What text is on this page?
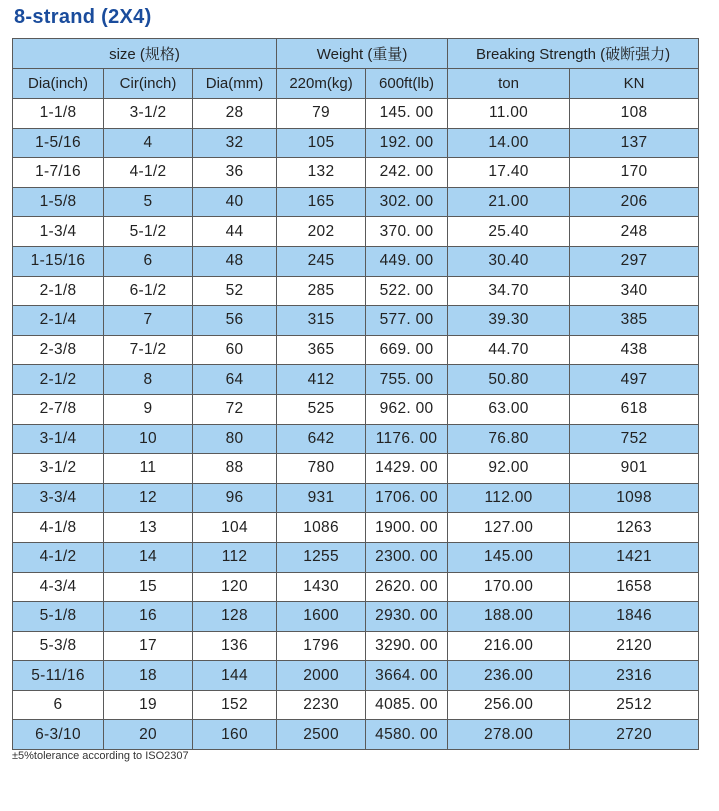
8-strand (2X4)
size (规格)			Weight (重量)		Breaking Strength (破断强力)	
Dia(inch)	Cir(inch)	Dia(mm)	220m(kg)	600ft(lb)	ton	KN
1-1/8	3-1/2	28	79	145. 00	11.00	108
1-5/16	4	32	105	192. 00	14.00	137
1-7/16	4-1/2	36	132	242. 00	17.40	170
1-5/8	5	40	165	302. 00	21.00	206
1-3/4	5-1/2	44	202	370. 00	25.40	248
1-15/16	6	48	245	449. 00	30.40	297
2-1/8	6-1/2	52	285	522. 00	34.70	340
2-1/4	7	56	315	577. 00	39.30	385
2-3/8	7-1/2	60	365	669. 00	44.70	438
2-1/2	8	64	412	755. 00	50.80	497
2-7/8	9	72	525	962. 00	63.00	618
3-1/4	10	80	642	1176. 00	76.80	752
3-1/2	11	88	780	1429. 00	92.00	901
3-3/4	12	96	931	1706. 00	112.00	1098
4-1/8	13	104	1086	1900. 00	127.00	1263
4-1/2	14	112	1255	2300. 00	145.00	1421
4-3/4	15	120	1430	2620. 00	170.00	1658
5-1/8	16	128	1600	2930. 00	188.00	1846
5-3/8	17	136	1796	3290. 00	216.00	2120
5-11/16	18	144	2000	3664. 00	236.00	2316
6	19	152	2230	4085. 00	256.00	2512
6-3/10	20	160	2500	4580. 00	278.00	2720
±5%tolerance according to ISO2307
